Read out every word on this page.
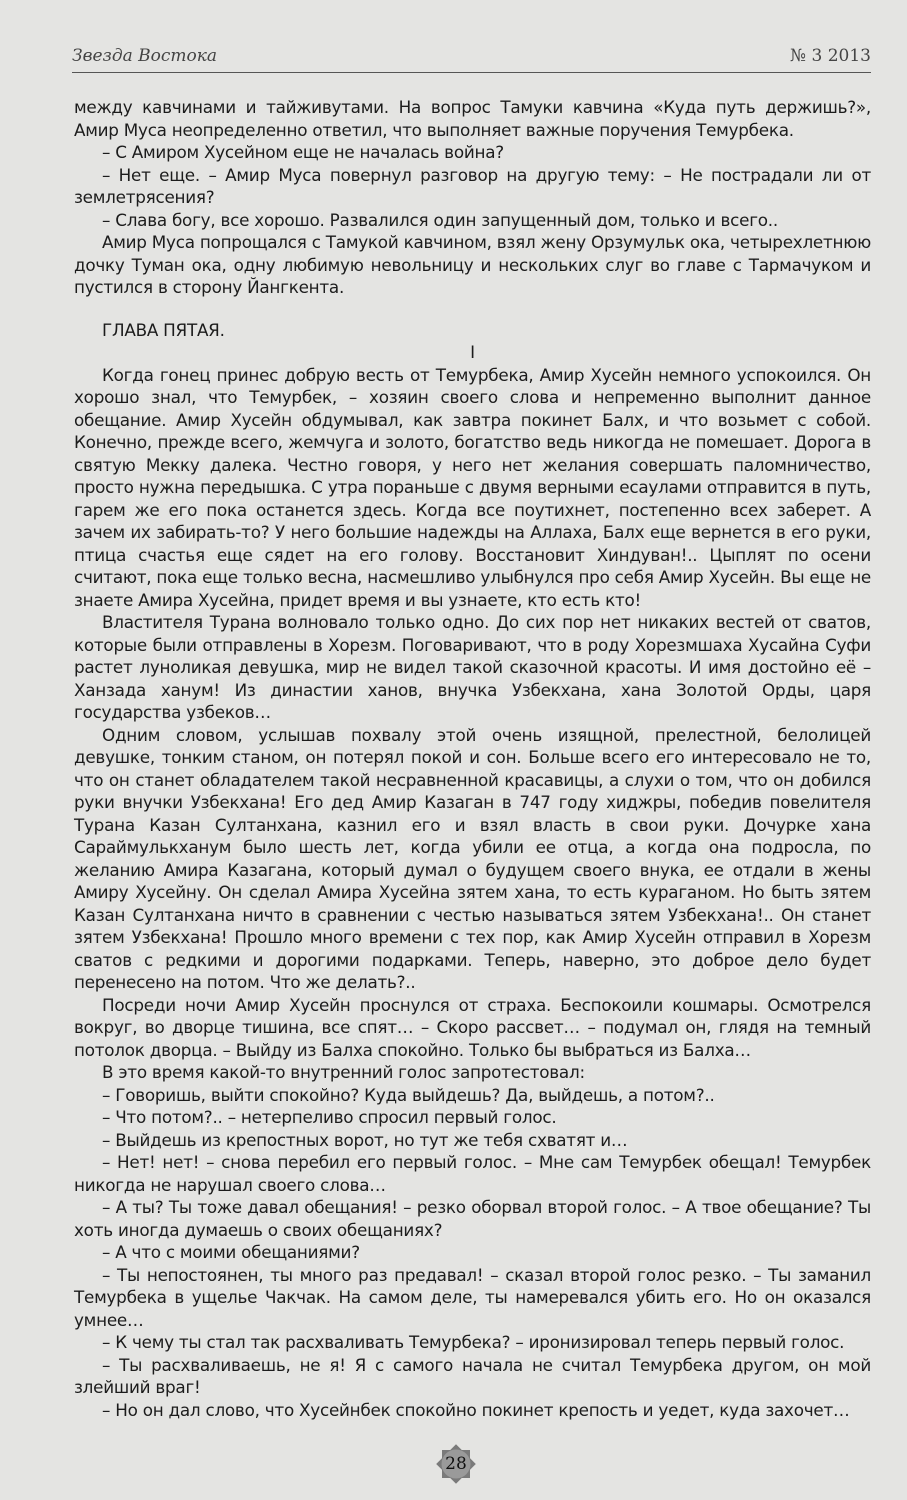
Звезда Востока	№ 3 2013

между кавчинами и тайживутами. На вопрос Тамуки кавчина «Куда путь держишь?», Амир Муса неопределенно ответил, что выполняет важные поручения Темурбека.

– С Амиром Хусейном еще не началась война?

– Нет еще. – Амир Муса повернул разговор на другую тему: – Не пострадали ли от землетрясения?

– Слава богу, все хорошо. Развалился один запущенный дом, только и всего..

Амир Муса попрощался с Тамукой кавчином, взял жену Орзумульк ока, четырехлетнюю дочку Туман ока, одну любимую невольницу и нескольких слуг во главе с Тармачуком и пустился в сторону Йангкента.

ГЛАВА ПЯТАЯ.
I

Когда гонец принес добрую весть от Темурбека, Амир Хусейн немного успокоился. Он хорошо знал, что Темурбек, – хозяин своего слова и непременно выполнит данное обещание. Амир Хусейн обдумывал, как завтра покинет Балх, и что возьмет с собой. Конечно, прежде всего, жемчуга и золото, богатство ведь никогда не помешает. Дорога в святую Мекку далека. Честно говоря, у него нет желания совершать паломничество, просто нужна передышка. С утра пораньше с двумя верными есаулами отправится в путь, гарем же его пока останется здесь. Когда все поутихнет, постепенно всех заберет. А зачем их забирать-то? У него большие надежды на Аллаха, Балх еще вернется в его руки, птица счастья еще сядет на его голову. Восстановит Хиндуван!.. Цыплят по осени считают, пока еще только весна, насмешливо улыбнулся про себя Амир Хусейн. Вы еще не знаете Амира Хусейна, придет время и вы узнаете, кто есть кто!

Властителя Турана волновало только одно. До сих пор нет никаких вестей от сватов, которые были отправлены в Хорезм. Поговаривают, что в роду Хорезмшаха Хусайна Суфи растет луноликая девушка, мир не видел такой сказочной красоты. И имя достойно её – Ханзада ханум! Из династии ханов, внучка Узбекхана, хана Золотой Орды, царя государства узбеков…

Одним словом, услышав похвалу этой очень изящной, прелестной, белолицей девушке, тонким станом, он потерял покой и сон. Больше всего его интересовало не то, что он станет обладателем такой несравненной красавицы, а слухи о том, что он добился руки внучки Узбекхана! Его дед Амир Казаган в 747 году хиджры, победив повелителя Турана Казан Султанхана, казнил его и взял власть в свои руки. Дочурке хана Сараймулькханум было шесть лет, когда убили ее отца, а когда она подросла, по желанию Амира Казагана, который думал о будущем своего внука, ее отдали в жены Амиру Хусейну. Он сделал Амира Хусейна зятем хана, то есть кураганом. Но быть зятем Казан Султанхана ничто в сравнении с честью называться зятем Узбекхана!.. Он станет зятем Узбекхана! Прошло много времени с тех пор, как Амир Хусейн отправил в Хорезм сватов с редкими и дорогими подарками. Теперь, наверно, это доброе дело будет перенесено на потом. Что же делать?..

Посреди ночи Амир Хусейн проснулся от страха. Беспокоили кошмары. Осмотрелся вокруг, во дворце тишина, все спят… – Скоро рассвет… – подумал он, глядя на темный потолок дворца. – Выйду из Балха спокойно. Только бы выбраться из Балха…

В это время какой-то внутренний голос запротестовал:

– Говоришь, выйти спокойно? Куда выйдешь? Да, выйдешь, а потом?..

– Что потом?.. – нетерпеливо спросил первый голос.

– Выйдешь из крепостных ворот, но тут же тебя схватят и…

– Нет! нет! – снова перебил его первый голос. – Мне сам Темурбек обещал! Темурбек никогда не нарушал своего слова…

– А ты? Ты тоже давал обещания! – резко оборвал второй голос. – А твое обещание? Ты хоть иногда думаешь о своих обещаниях?

– А что с моими обещаниями?

– Ты непостоянен, ты много раз предавал! – сказал второй голос резко. – Ты заманил Темурбека в ущелье Чакчак. На самом деле, ты намеревался убить его. Но он оказался умнее…

– К чему ты стал так расхваливать Темурбека? – иронизировал теперь первый голос.

– Ты расхваливаешь, не я! Я с самого начала не считал Темурбека другом, он мой злейший враг!

– Но он дал слово, что Хусейнбек спокойно покинет крепость и уедет, куда захочет…

28
